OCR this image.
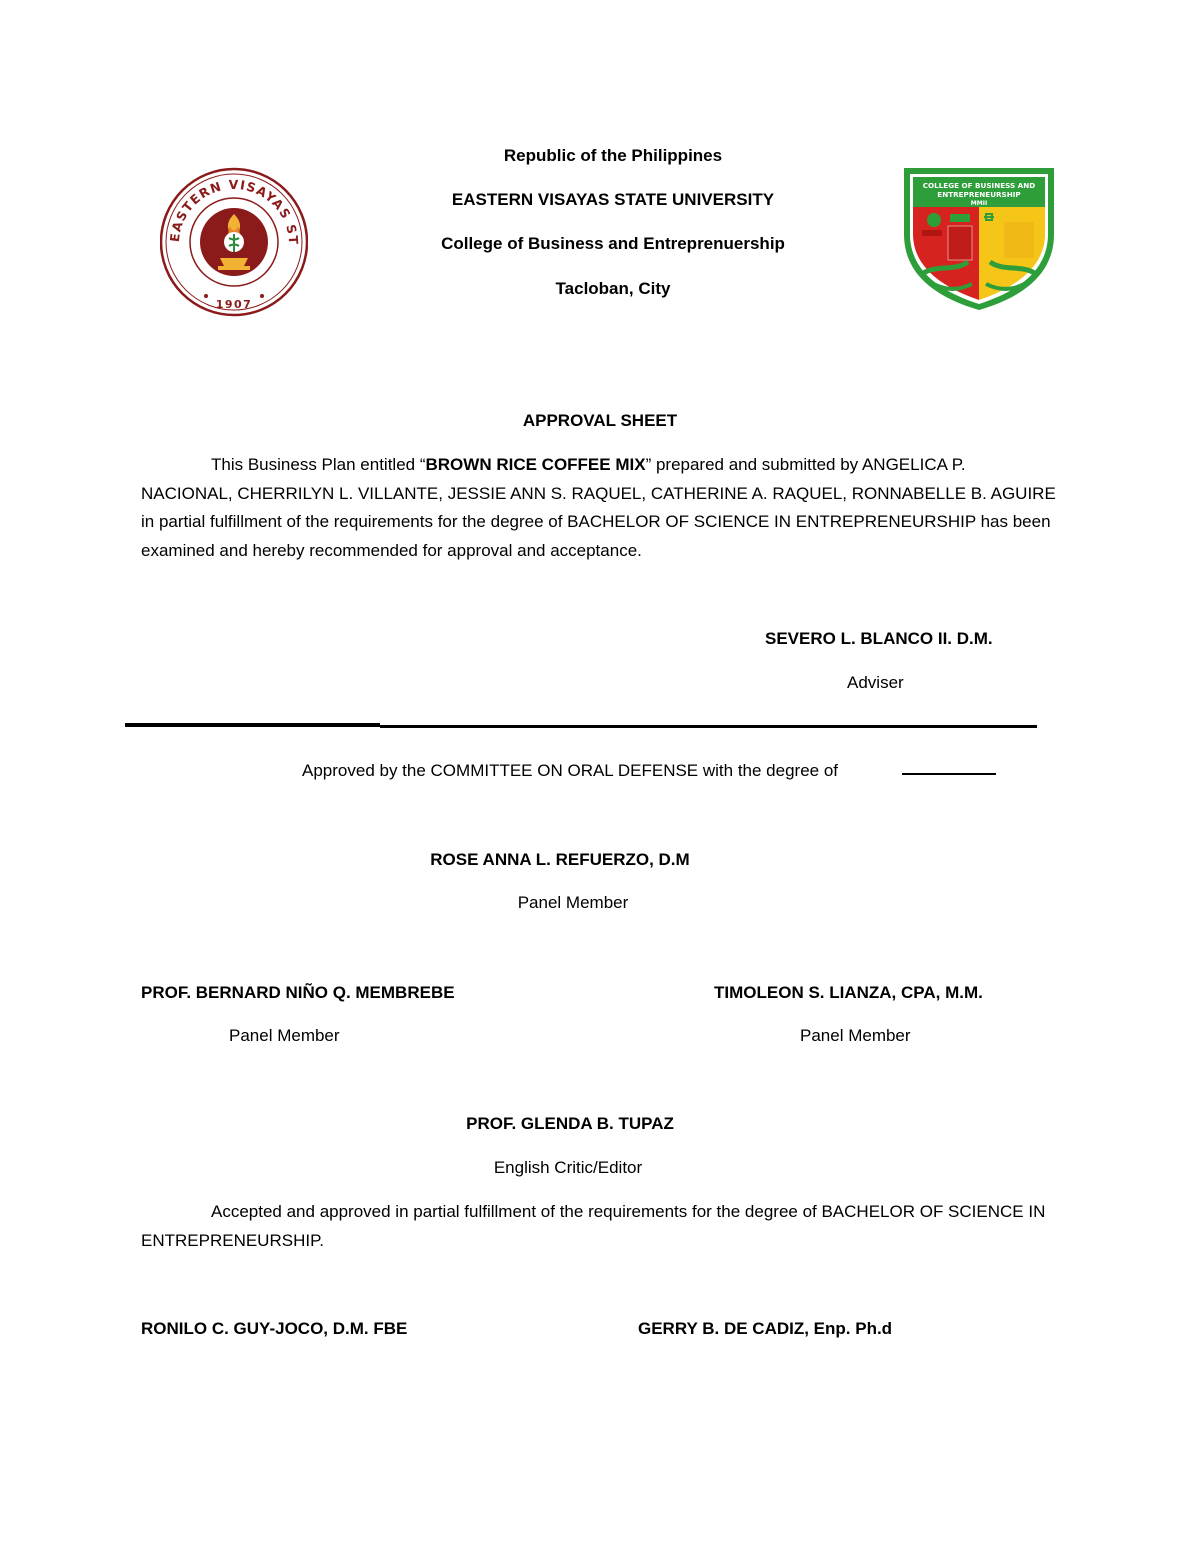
EASTERN VISAYAS ST
1907
COLLEGE OF BUSINESS AND
ENTREPRENEURSHIP
MMII
Republic of the Philippines
EASTERN VISAYAS STATE UNIVERSITY
College of Business and Entreprenuership
Tacloban, City
APPROVAL SHEET
This Business Plan entitled “BROWN RICE COFFEE MIX” prepared and submitted by ANGELICA P. NACIONAL, CHERRILYN L. VILLANTE, JESSIE ANN S. RAQUEL, CATHERINE A. RAQUEL, RONNABELLE B. AGUIRE in partial fulfillment of the requirements for the degree of BACHELOR OF SCIENCE IN ENTREPRENEURSHIP has been examined and hereby recommended for approval and acceptance.
SEVERO L. BLANCO II. D.M.
Adviser
Approved by the COMMITTEE ON ORAL DEFENSE with the degree of
ROSE ANNA L. REFUERZO, D.M
Panel Member
PROF. BERNARD NIÑO Q. MEMBREBE
Panel Member
TIMOLEON S. LIANZA, CPA, M.M.
Panel Member
PROF. GLENDA B. TUPAZ
English Critic/Editor
Accepted and approved in partial fulfillment of the requirements for the degree of BACHELOR OF SCIENCE IN ENTREPRENEURSHIP.
RONILO C. GUY-JOCO, D.M. FBE	GERRY B. DE CADIZ, Enp. Ph.d
